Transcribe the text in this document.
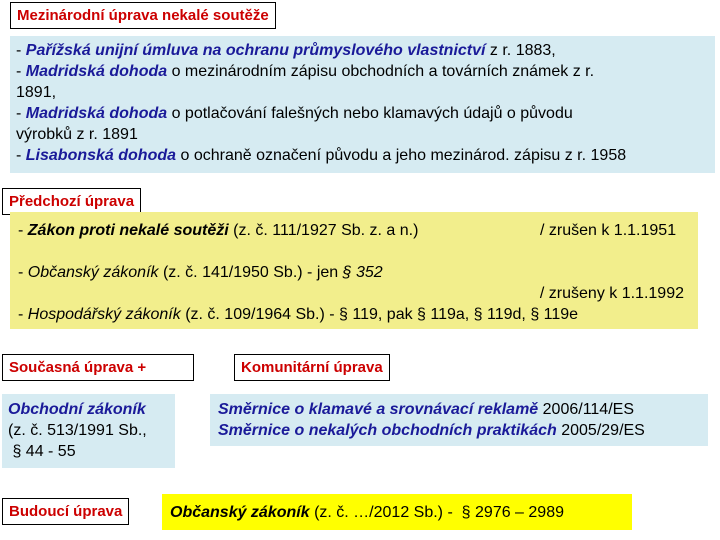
Mezinárodní úprava nekalé soutěže
- Pařížská unijní úmluva na ochranu průmyslového vlastnictví z r. 1883,
- Madridská dohoda o mezinárodním zápisu obchodních a továrních známek z r.
1891,
- Madridská dohoda o potlačování falešných nebo klamavých údajů o původu
výrobků z r. 1891
- Lisabonská dohoda o ochraně označení původu a jeho mezinárod. zápisu z r. 1958
Předchozí úprava
- Zákon proti nekalé soutěži (z. č. 111/1927 Sb. z. a n.)	/ zrušen k 1.1.1951
- Občanský zákoník (z. č. 141/1950 Sb.) - jen § 352
/ zrušeny k 1.1.1992
- Hospodářský zákoník (z. č. 109/1964 Sb.) - § 119, pak § 119a, § 119d, § 119e
Současná úprava +
Obchodní zákoník
(z. č. 513/1991 Sb.,
§ 44 - 55
Komunitární úprava
Směrnice o klamavé a srovnávací reklamě 2006/114/ES
Směrnice o nekalých obchodních praktikách 2005/29/ES
Budoucí úprava	Občanský zákoník (z. č. …/2012 Sb.) -  § 2976 – 2989
